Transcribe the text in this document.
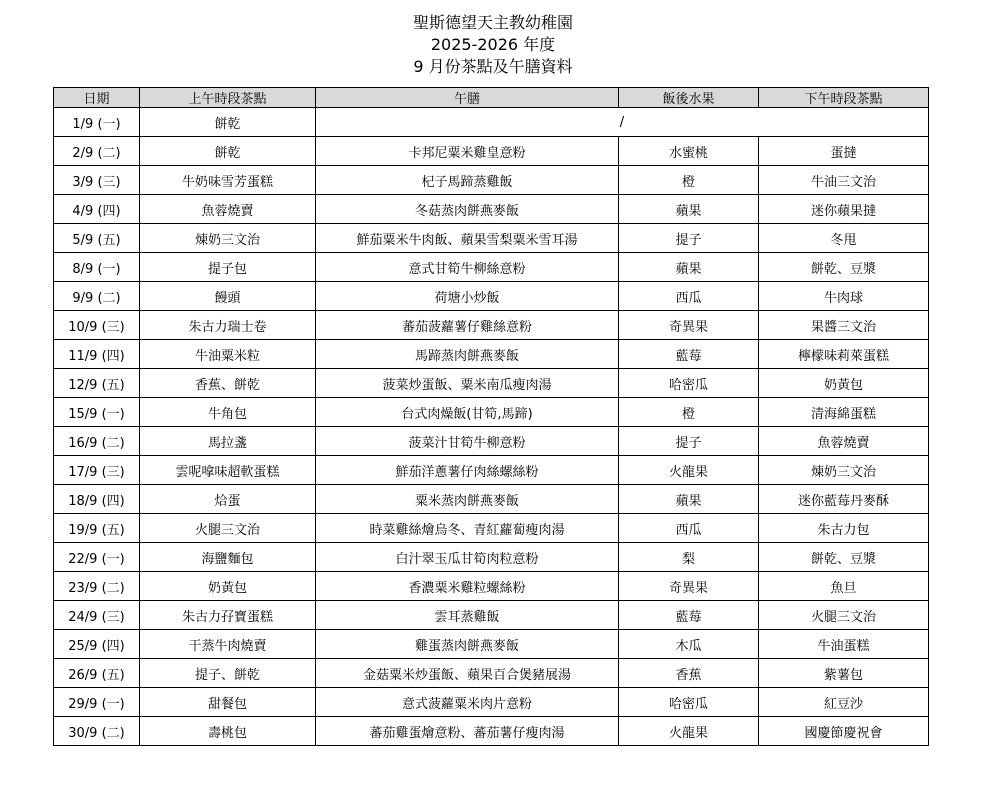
聖斯德望天主教幼稚園
2025-2026 年度
9 月份茶點及午膳資料
日期	上午時段茶點	午膳	飯後水果	下午時段茶點
1/9 (一)	餅乾	/		
2/9 (二)	餅乾	卡邦尼粟米雞皇意粉	水蜜桃	蛋撻
3/9 (三)	牛奶味雪芳蛋糕	杞子馬蹄蒸雞飯	橙	牛油三文治
4/9 (四)	魚蓉燒賣	冬菇蒸肉餅燕麥飯	蘋果	迷你蘋果撻
5/9 (五)	煉奶三文治	鮮茄粟米牛肉飯、蘋果雪梨粟米雪耳湯	提子	冬甩
8/9 (一)	提子包	意式甘筍牛柳絲意粉	蘋果	餅乾、豆漿
9/9 (二)	饅頭	荷塘小炒飯	西瓜	牛肉球
10/9 (三)	朱古力瑞士卷	蕃茄菠蘿薯仔雞絲意粉	奇異果	果醬三文治
11/9 (四)	牛油粟米粒	馬蹄蒸肉餅燕麥飯	藍莓	檸檬味莉萊蛋糕
12/9 (五)	香蕉、餅乾	菠菜炒蛋飯、粟米南瓜瘦肉湯	哈密瓜	奶黃包
15/9 (一)	牛角包	台式肉燥飯(甘筍,馬蹄)	橙	清海綿蛋糕
16/9 (二)	馬拉盞	菠菜汁甘筍牛柳意粉	提子	魚蓉燒賣
17/9 (三)	雲呢嗱味超軟蛋糕	鮮茄洋蔥薯仔肉絲螺絲粉	火龍果	煉奶三文治
18/9 (四)	烚蛋	粟米蒸肉餅燕麥飯	蘋果	迷你藍莓丹麥酥
19/9 (五)	火腿三文治	時菜雞絲燴烏冬、青紅蘿蔔瘦肉湯	西瓜	朱古力包
22/9 (一)	海鹽麵包	白汁翠玉瓜甘筍肉粒意粉	梨	餅乾、豆漿
23/9 (二)	奶黃包	香濃粟米雞粒螺絲粉	奇異果	魚旦
24/9 (三)	朱古力孖寶蛋糕	雲耳蒸雞飯	藍莓	火腿三文治
25/9 (四)	干蒸牛肉燒賣	雞蛋蒸肉餅燕麥飯	木瓜	牛油蛋糕
26/9 (五)	提子、餅乾	金菇粟米炒蛋飯、蘋果百合煲豬展湯	香蕉	紫薯包
29/9 (一)	甜餐包	意式菠蘿粟米肉片意粉	哈密瓜	紅豆沙
30/9 (二)	壽桃包	蕃茄雞蛋燴意粉、蕃茄薯仔瘦肉湯	火龍果	國慶節慶祝會
